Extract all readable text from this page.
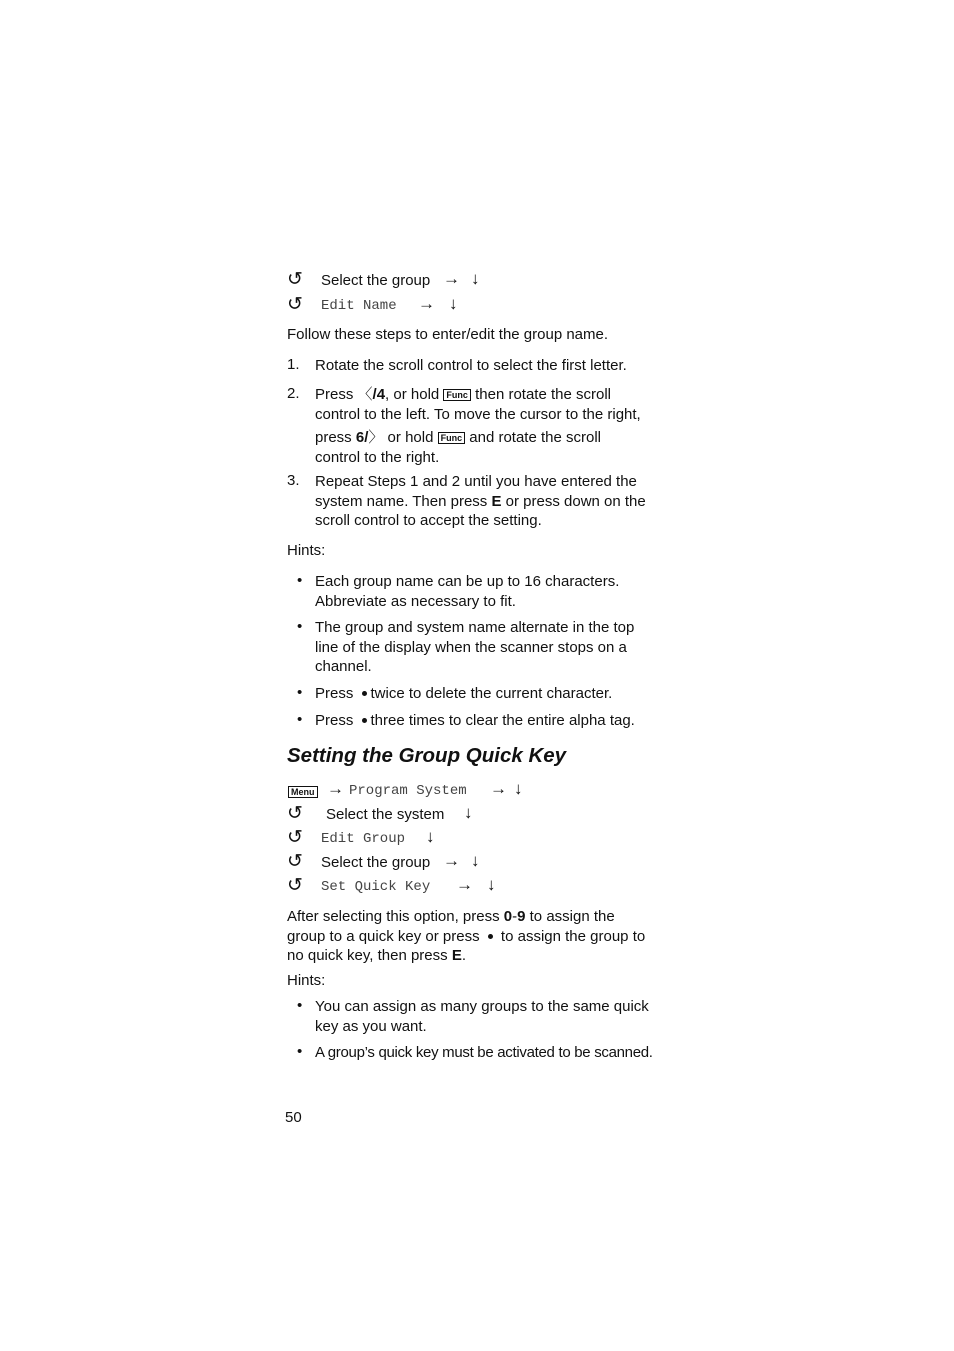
↺ Select the group → ↓
↺ Edit Name → ↓
Follow these steps to enter/edit the group name.
1. Rotate the scroll control to select the first letter.
2. Press 〈/4, or hold Func then rotate the scroll
control to the left. To move the cursor to the right,
press 6/〉 or hold Func and rotate the scroll
control to the right.
3. Repeat Steps 1 and 2 until you have entered the
system name. Then press E or press down on the
scroll control to accept the setting.
Hints:
• Each group name can be up to 16 characters.
Abbreviate as necessary to fit.
• The group and system name alternate in the top
line of the display when the scanner stops on a
channel.
• Press twice to delete the current character.
• Press three times to clear the entire alpha tag.
Setting the Group Quick Key
Menu → Program System → ↓
↺ Select the system ↓
↺ Edit Group ↓
↺ Select the group → ↓
↺ Set Quick Key → ↓
After selecting this option, press 0-9 to assign the
group to a quick key or press  to assign the group to
no quick key, then press E.
Hints:
• You can assign as many groups to the same quick
key as you want.
• A group’s quick key must be activated to be scanned.
50
